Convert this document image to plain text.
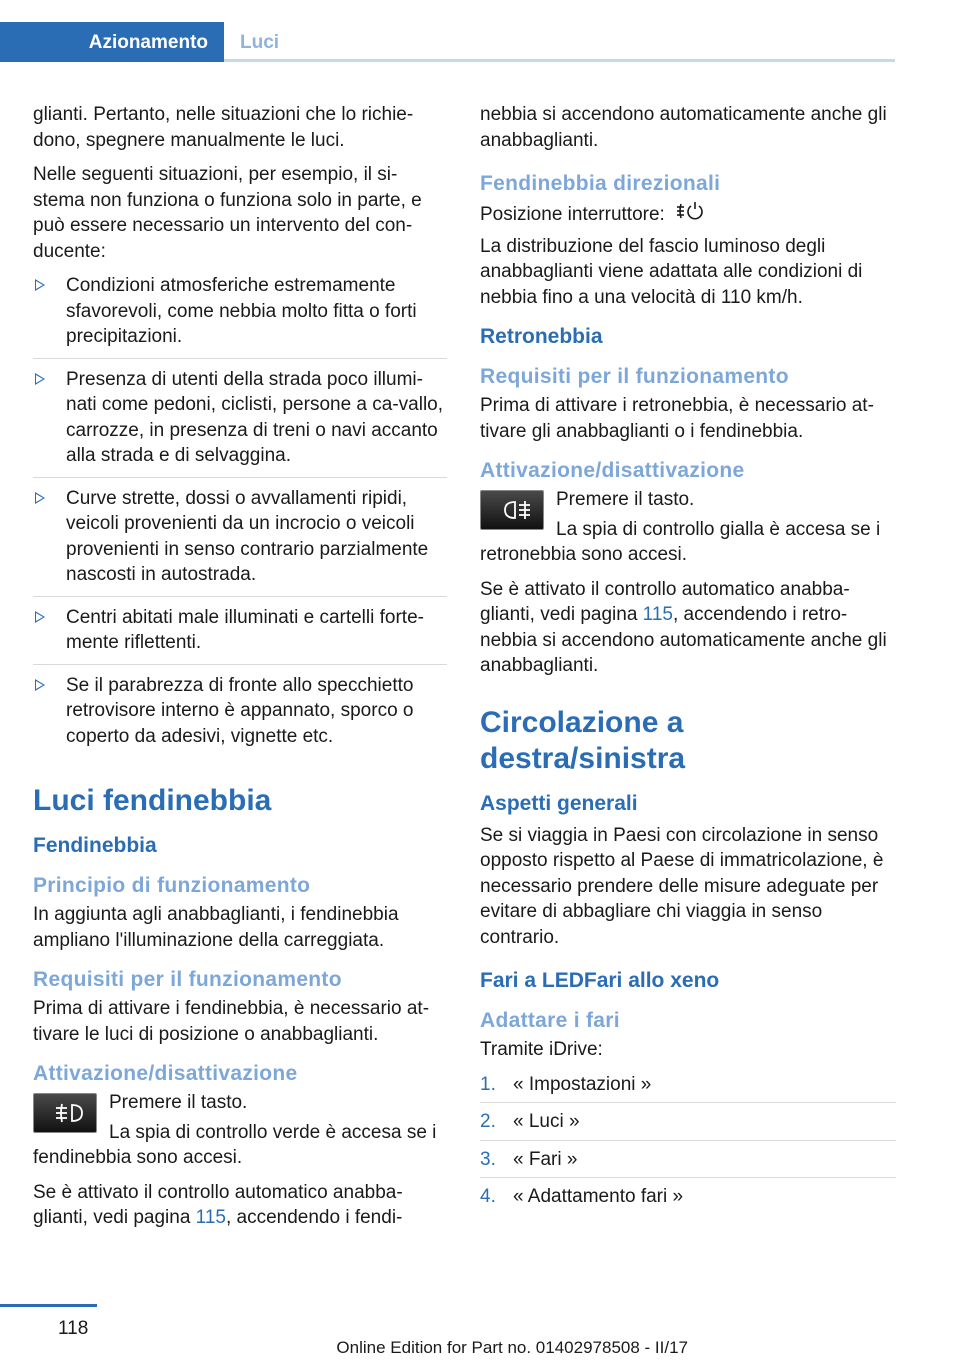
Azionamento	Luci

glianti. Pertanto, nelle situazioni che lo richie-dono, spegnere manualmente le luci.

Nelle seguenti situazioni, per esempio, il si-stema non funziona o funziona solo in parte, e può essere necessario un intervento del con-ducente:

Condizioni atmosferiche estremamente sfavorevoli, come nebbia molto fitta o forti precipitazioni.
Presenza di utenti della strada poco illumi-nati come pedoni, ciclisti, persone a ca-vallo, carrozze, in presenza di treni o navi accanto alla strada e di selvaggina.
Curve strette, dossi o avvallamenti ripidi, veicoli provenienti da un incrocio o veicoli provenienti in senso contrario parzialmente nascosti in autostrada.
Centri abitati male illuminati e cartelli forte-mente riflettenti.
Se il parabrezza di fronte allo specchietto retrovisore interno è appannato, sporco o coperto da adesivi, vignette etc.
Luci fendinebbia
Fendinebbia
Principio di funzionamento

In aggiunta agli anabbaglianti, i fendinebbia ampliano l'illuminazione della carreggiata.

Requisiti per il funzionamento

Prima di attivare i fendinebbia, è necessario at-tivare le luci di posizione o anabbaglianti.

Attivazione/disattivazione

Premere il tasto.

La spia di controllo verde è accesa se i fendinebbia sono accesi.

Se è attivato il controllo automatico anabba-glianti, vedi pagina 115, accendendo i fendi-

nebbia si accendono automaticamente anche gli anabbaglianti.

Fendinebbia direzionali

Posizione interruttore:

La distribuzione del fascio luminoso degli anabbaglianti viene adattata alle condizioni di nebbia fino a una velocità di 110 km/h.

Retronebbia
Requisiti per il funzionamento

Prima di attivare i retronebbia, è necessario at-tivare gli anabbaglianti o i fendinebbia.

Attivazione/disattivazione

Premere il tasto.

La spia di controllo gialla è accesa se i retronebbia sono accesi.

Se è attivato il controllo automatico anabba-glianti, vedi pagina 115, accendendo i retro-nebbia si accendono automaticamente anche gli anabbaglianti.

Circolazione a destra/sinistra
Aspetti generali

Se si viaggia in Paesi con circolazione in senso opposto rispetto al Paese di immatricolazione, è necessario prendere delle misure adeguate per evitare di abbagliare chi viaggia in senso contrario.

Fari a LEDFari allo xeno
Adattare i fari

Tramite iDrive:

1. « Impostazioni »
2. « Luci »
3. « Fari »
4. « Adattamento fari »
118
Online Edition for Part no. 01402978508 - II/17
